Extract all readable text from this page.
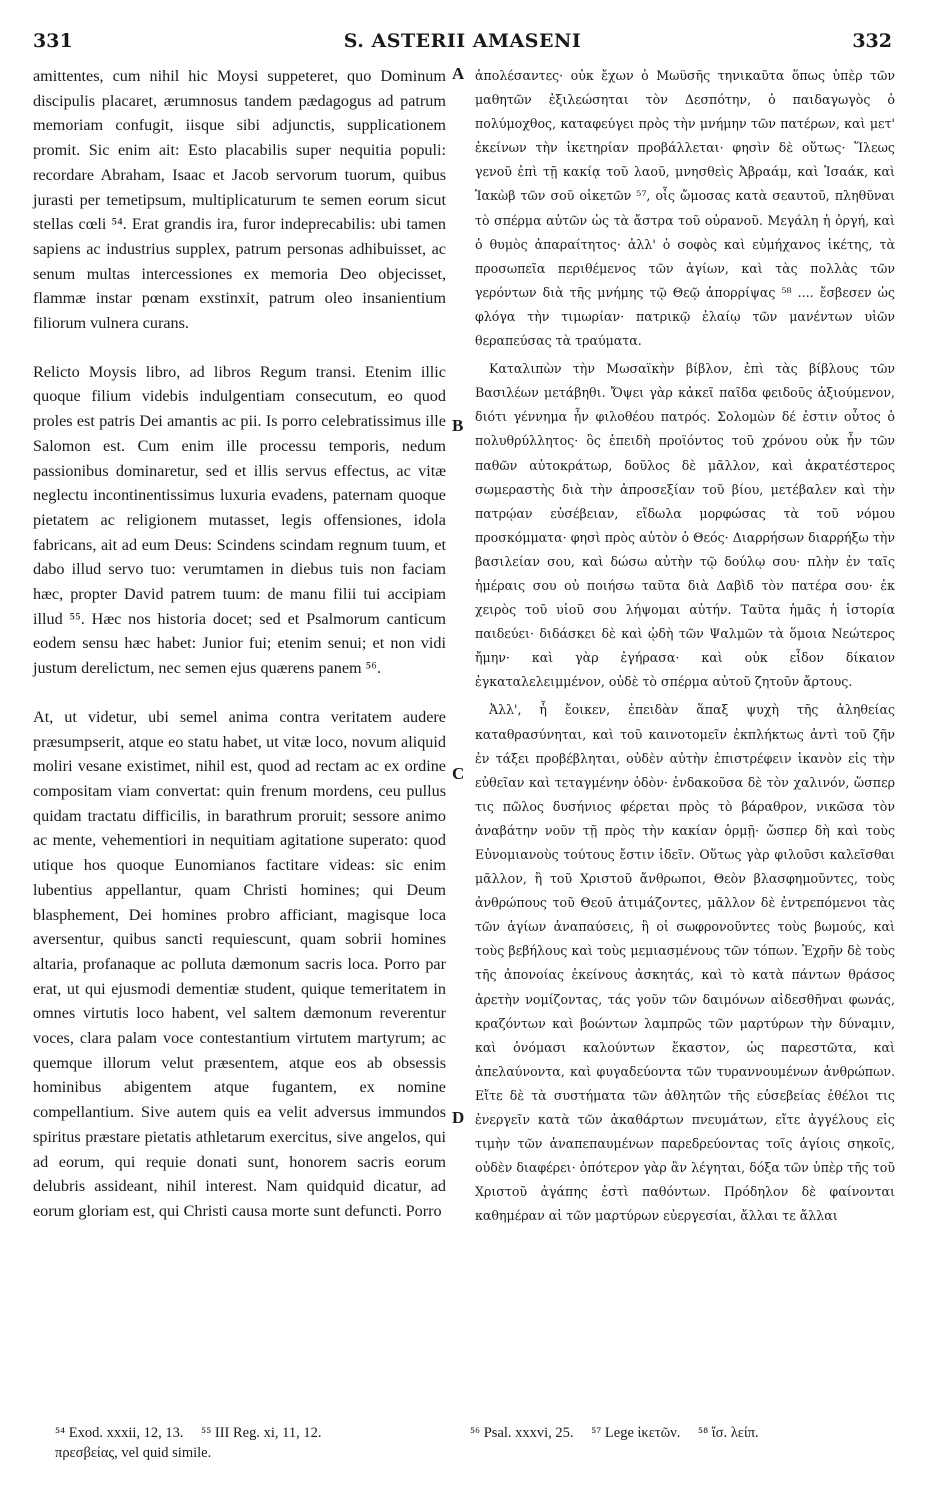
331	S. ASTERII AMASENI	332

amittentes, cum nihil hic Moysi suppeteret, quo Dominum discipulis placaret, ærumnosus tandem pædagogus ad patrum memoriam confugit, iisque sibi adjunctis, supplicationem promit. Sic enim ait: Esto placabilis super nequitia populi: recordare Abraham, Isaac et Jacob servorum tuorum, quibus jurasti per temetipsum, multiplicaturum te semen eorum sicut stellas cœli ⁵⁴. Erat grandis ira, furor indeprecabilis: ubi tamen sapiens ac industrius supplex, patrum personas adhibuisset, ac senum multas intercessiones ex memoria Deo objecisset, flammæ instar pœnam exstinxit, patrum oleo insanientium filiorum vulnera curans.

Relicto Moysis libro, ad libros Regum transi. Etenim illic quoque filium videbis indulgentiam consecutum, eo quod proles est patris Dei amantis ac pii. Is porro celebratissimus ille Salomon est. Cum enim ille processu temporis, nedum passionibus dominaretur, sed et illis servus effectus, ac vitæ neglectu incontinentissimus luxuria evadens, paternam quoque pietatem ac religionem mutasset, legis offensiones, idola fabricans, ait ad eum Deus: Scindens scindam regnum tuum, et dabo illud servo tuo: verumtamen in diebus tuis non faciam hæc, propter David patrem tuum: de manu filii tui accipiam illud ⁵⁵. Hæc nos historia docet; sed et Psalmorum canticum eodem sensu hæc habet: Junior fui; etenim senui; et non vidi justum derelictum, nec semen ejus quærens panem ⁵⁶.

At, ut videtur, ubi semel anima contra veritatem audere præsumpserit, atque eo statu habet, ut vitæ loco, novum aliquid moliri vesane existimet, nihil est, quod ad rectam ac ex ordine compositam viam convertat: quin frenum mordens, ceu pullus quidam tractatu difficilis, in barathrum proruit; sessore animo ac mente, vehementiori in nequitiam agitatione superato: quod utique hos quoque Eunomianos factitare videas: sic enim lubentius appellantur, quam Christi homines; qui Deum blasphement, Dei homines probro afficiant, magisque loca aversentur, quibus sancti requiescunt, quam sobrii homines altaria, profanaque ac polluta dæmonum sacris loca. Porro par erat, ut qui ejusmodi dementiæ student, quique temeritatem in omnes virtutis loco habent, vel saltem dæmonum reverentur voces, clara palam voce contestantium virtutem martyrum; ac quemque illorum velut præsentem, atque eos ab obsessis hominibus abigentem atque fugantem, ex nomine compellantium. Sive autem quis ea velit adversus immundos spiritus præstare pietatis athletarum exercitus, sive angelos, qui ad eorum, qui requie donati sunt, honorem sacris eorum delubris assideant, nihil interest. Nam quidquid dicatur, ad eorum gloriam est, qui Christi causa morte sunt defuncti. Porro

A
B
C
D

ἀπολέσαντες· οὐκ ἔχων ὁ Μωϋσῆς τηνικαῦτα ὅπως ὑπὲρ τῶν μαθητῶν ἐξιλεώσηται τὸν Δεσπότην, ὁ παιδαγωγὸς ὁ πολύμοχθος, καταφεύγει πρὸς τὴν μνήμην τῶν πατέρων, καὶ μετ' ἐκείνων τὴν ἱκετηρίαν προβάλλεται· φησὶν δὲ οὕτως· Ἵλεως γενοῦ ἐπὶ τῇ κακίᾳ τοῦ λαοῦ, μνησθεὶς Ἀβραάμ, καὶ Ἰσαάκ, καὶ Ἰακὼβ τῶν σοῦ οἰκετῶν ⁵⁷, οἷς ὤμοσας κατὰ σεαυτοῦ, πληθῦναι τὸ σπέρμα αὐτῶν ὡς τὰ ἄστρα τοῦ οὐρανοῦ. Μεγάλη ἡ ὀργή, καὶ ὁ θυμὸς ἀπαραίτητος· ἀλλ' ὁ σοφὸς καὶ εὐμήχανος ἱκέτης, τὰ προσωπεῖα περιθέμενος τῶν ἁγίων, καὶ τὰς πολλὰς τῶν γερόντων διὰ τῆς μνήμης τῷ Θεῷ ἀπορρίψας ⁵⁸ .... ἔσβεσεν ὡς φλόγα τὴν τιμωρίαν· πατρικῷ ἐλαίῳ τῶν μανέντων υἱῶν θεραπεύσας τὰ τραύματα.

Καταλιπὼν τὴν Μωσαϊκὴν βίβλον, ἐπὶ τὰς βίβλους τῶν Βασιλέων μετάβηθι. Ὄψει γὰρ κἀκεῖ παῖδα φειδοῦς ἀξιούμενον, διότι γέννημα ἦν φιλοθέου πατρός. Σολομὼν δέ ἐστιν οὗτος ὁ πολυθρύλλητος· ὃς ἐπειδὴ προϊόντος τοῦ χρόνου οὐκ ἦν τῶν παθῶν αὐτοκράτωρ, δοῦλος δὲ μᾶλλον, καὶ ἀκρατέστερος σωμεραστὴς διὰ τὴν ἀπροσεξίαν τοῦ βίου, μετέβαλεν καὶ τὴν πατρῴαν εὐσέβειαν, εἴδωλα μορφώσας τὰ τοῦ νόμου προσκόμματα· φησὶ πρὸς αὐτὸν ὁ Θεός· Διαρρήσων διαρρήξω τὴν βασιλείαν σου, καὶ δώσω αὐτὴν τῷ δούλῳ σου· πλὴν ἐν ταῖς ἡμέραις σου οὐ ποιήσω ταῦτα διὰ Δαβὶδ τὸν πατέρα σου· ἐκ χειρὸς τοῦ υἱοῦ σου λήψομαι αὐτήν. Ταῦτα ἡμᾶς ἡ ἱστορία παιδεύει· διδάσκει δὲ καὶ ᾠδὴ τῶν Ψαλμῶν τὰ ὅμοια Νεώτερος ἤμην· καὶ γὰρ ἐγήρασα· καὶ οὐκ εἶδον δίκαιον ἐγκαταλελειμμένον, οὐδὲ τὸ σπέρμα αὐτοῦ ζητοῦν ἄρτους.

Ἀλλ', ἧ ἔοικεν, ἐπειδὰν ἅπαξ ψυχὴ τῆς ἀληθείας καταθρασύνηται, καὶ τοῦ καινοτομεῖν ἐκπλήκτως ἀντὶ τοῦ ζῆν ἐν τάξει προβέβληται, οὐδὲν αὐτὴν ἐπιστρέφειν ἱκανὸν εἰς τὴν εὐθεῖαν καὶ τεταγμένην ὁδὸν· ἐνδακοῦσα δὲ τὸν χαλινόν, ὥσπερ τις πῶλος δυσήνιος φέρεται πρὸς τὸ βάραθρον, νικῶσα τὸν ἀναβάτην νοῦν τῇ πρὸς τὴν κακίαν ὁρμῇ· ὥσπερ δὴ καὶ τοὺς Εὐνομιανοὺς τούτους ἔστιν ἰδεῖν. Οὕτως γὰρ φιλοῦσι καλεῖσθαι μᾶλλον, ἢ τοῦ Χριστοῦ ἄνθρωποι, Θεὸν βλασφημοῦντες, τοὺς ἀνθρώπους τοῦ Θεοῦ ἀτιμάζοντες, μᾶλλον δὲ ἐντρεπόμενοι τὰς τῶν ἁγίων ἀναπαύσεις, ἢ οἱ σωφρονοῦντες τοὺς βωμούς, καὶ τοὺς βεβήλους καὶ τοὺς μεμιασμένους τῶν τόπων. Ἐχρῆν δὲ τοὺς τῆς ἀπονοίας ἐκείνους ἀσκητάς, καὶ τὸ κατὰ πάντων θράσος ἀρετὴν νομίζοντας, τάς γοῦν τῶν δαιμόνων αἰδεσθῆναι φωνάς, κραζόντων καὶ βοώντων λαμπρῶς τῶν μαρτύρων τὴν δύναμιν, καὶ ὀνόμασι καλούντων ἕκαστον, ὡς παρεστῶτα, καὶ ἀπελαύνοντα, καὶ φυγαδεύοντα τῶν τυραννουμένων ἀνθρώπων. Εἴτε δὲ τὰ συστήματα τῶν ἀθλητῶν τῆς εὐσεβείας ἐθέλοι τις ἐνεργεῖν κατὰ τῶν ἀκαθάρτων πνευμάτων, εἴτε ἀγγέλους εἰς τιμὴν τῶν ἀναπεπαυμένων παρεδρεύοντας τοῖς ἁγίοις σηκοῖς, οὐδὲν διαφέρει· ὁπότερον γὰρ ἂν λέγηται, δόξα τῶν ὑπὲρ τῆς τοῦ Χριστοῦ ἀγάπης ἐστὶ παθόντων. Πρόδηλον δὲ φαίνονται καθημέραν αἱ τῶν μαρτύρων εὐεργεσίαι, ἄλλαι τε ἄλλαι

⁵⁴ Exod. xxxii, 12, 13. ⁵⁵ III Reg. xi, 11, 12.
πρεσβείας, vel quid simile.
⁵⁶ Psal. xxxvi, 25. ⁵⁷ Lege ἱκετῶν. ⁵⁸ ἴσ. λείπ.
